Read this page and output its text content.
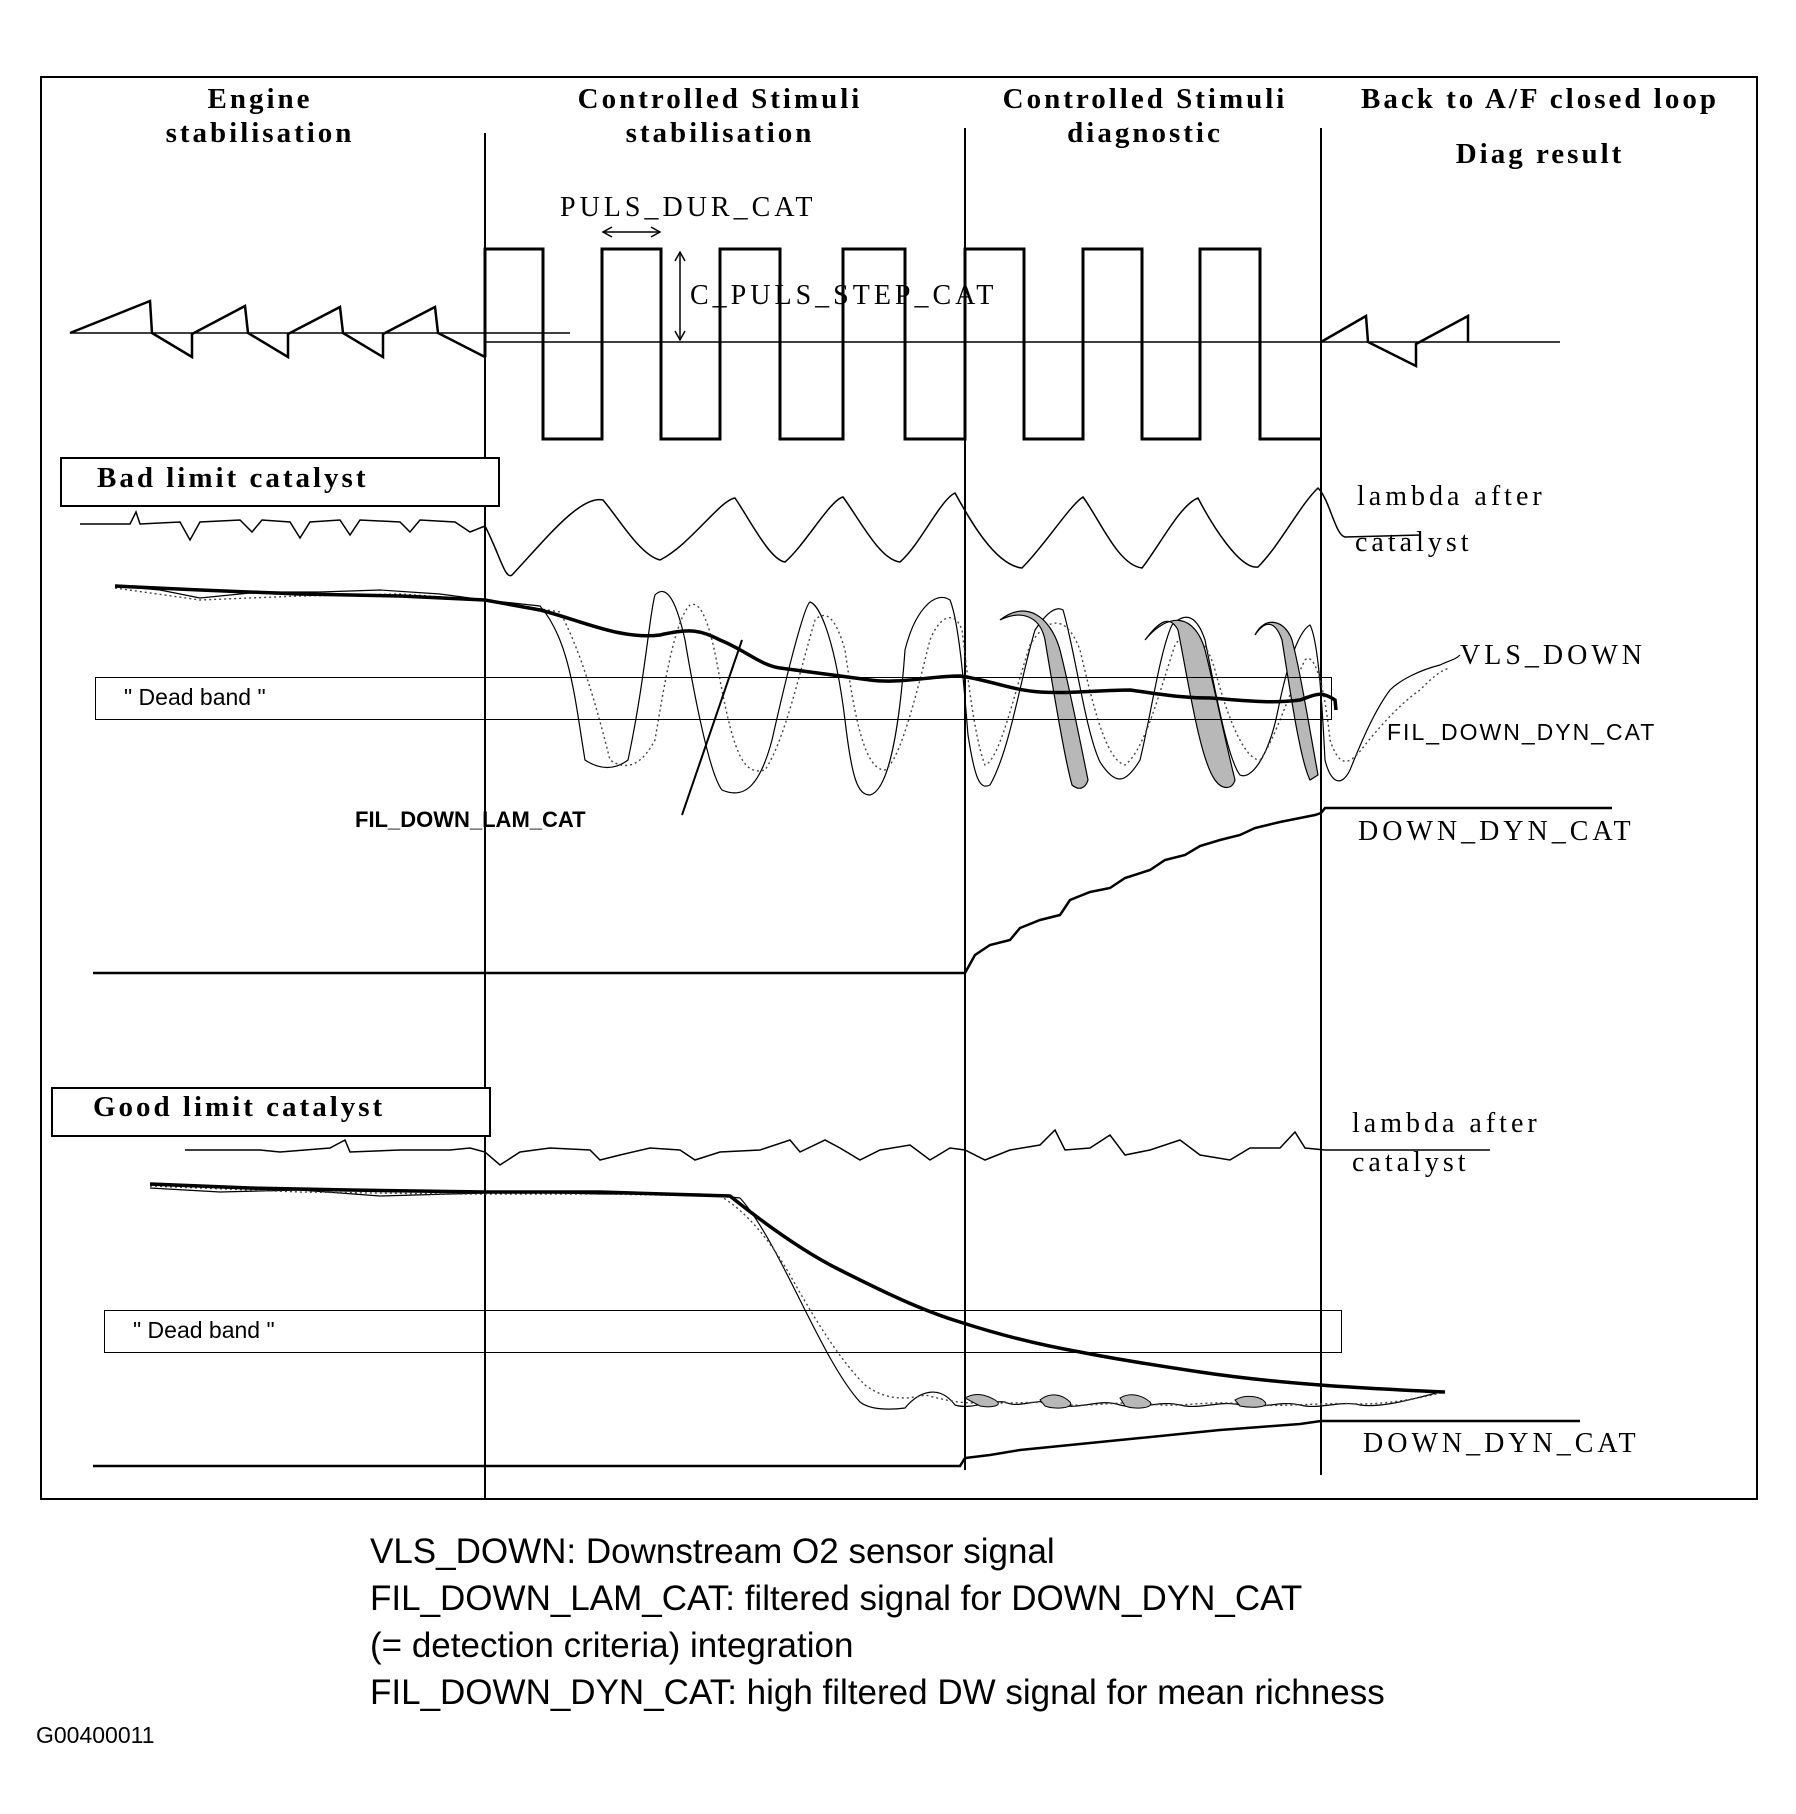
Engine
stabilisation
Controlled Stimuli
stabilisation
Controlled Stimuli
diagnostic
Back to A/F closed loop
Diag result
PULS_DUR_CAT
C_PULS_STEP_CAT
Bad limit catalyst
lambda after
catalyst
VLS_DOWN
FIL_DOWN_DYN_CAT
FIL_DOWN_LAM_CAT	DOWN_DYN_CAT
" Dead band "
Good limit catalyst
lambda after
catalyst
DOWN_DYN_CAT
" Dead band "
VLS_DOWN: Downstream O2 sensor signal
FIL_DOWN_LAM_CAT: filtered signal for DOWN_DYN_CAT
(= detection criteria) integration
FIL_DOWN_DYN_CAT: high filtered DW signal for mean richness
G00400011
